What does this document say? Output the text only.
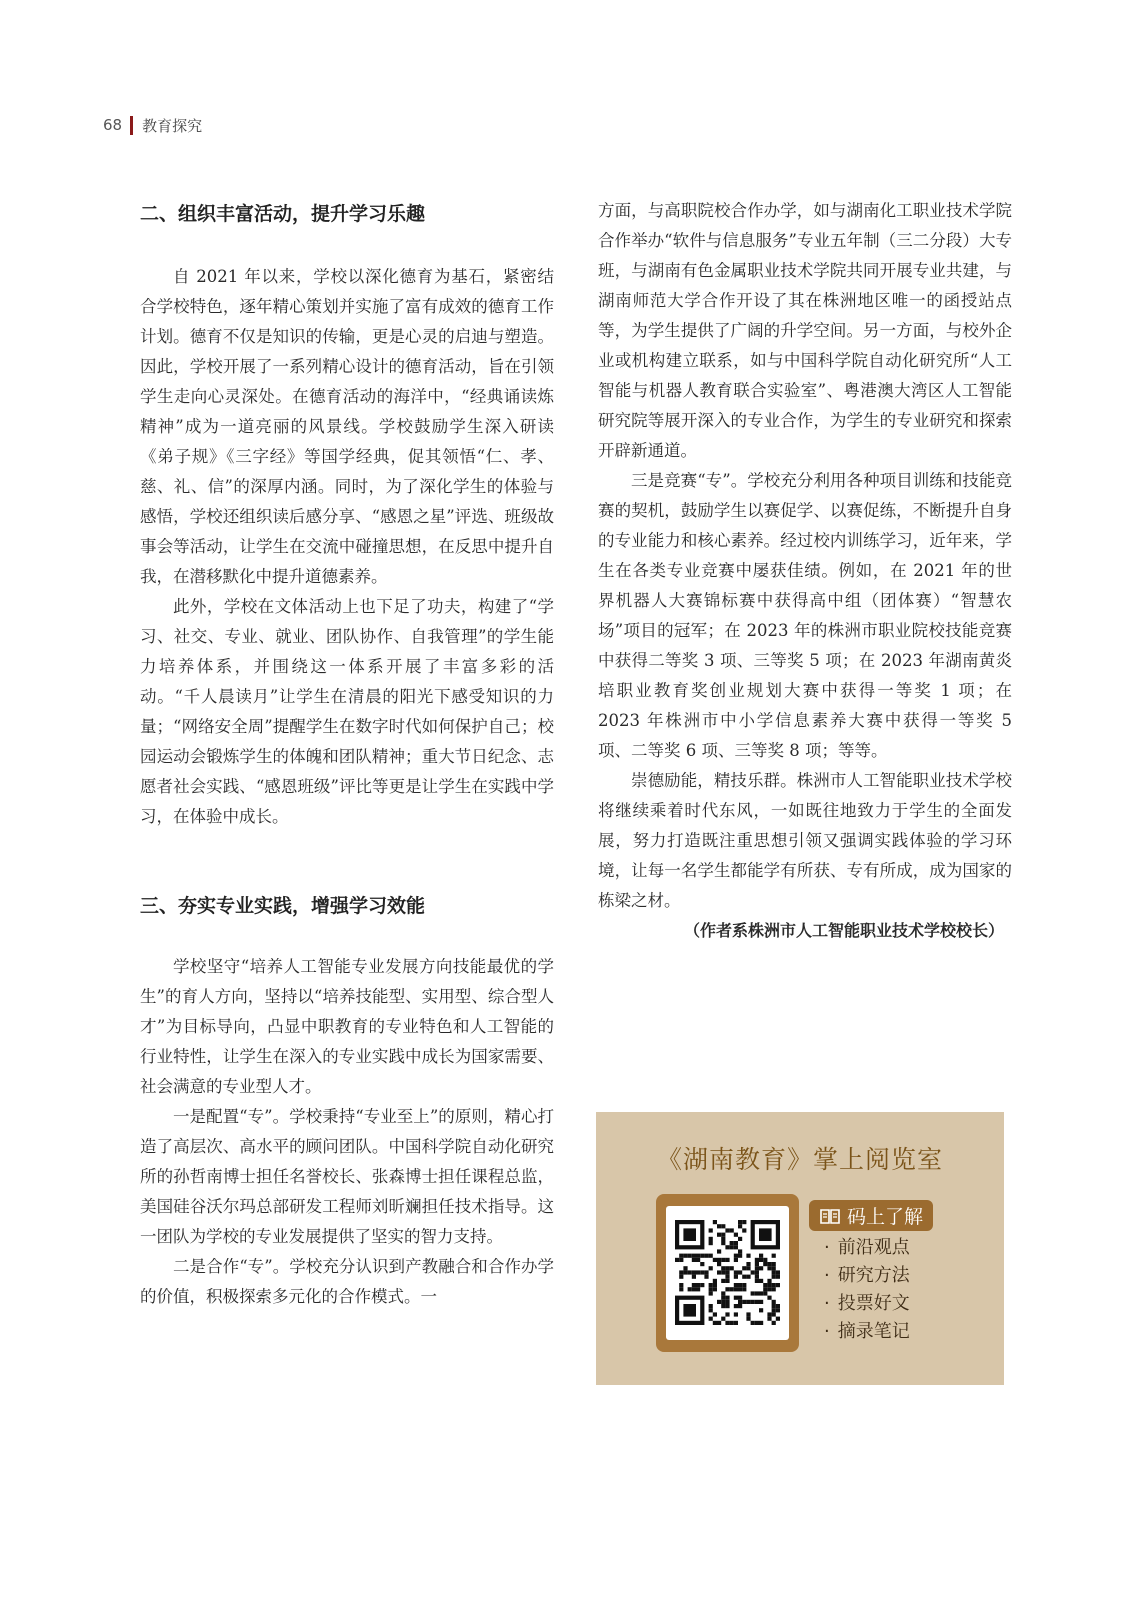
68 教育探究
二、组织丰富活动，提升学习乐趣

自 2021 年以来，学校以深化德育为基石，紧密结合学校特色，逐年精心策划并实施了富有成效的德育工作计划。德育不仅是知识的传输，更是心灵的启迪与塑造。因此，学校开展了一系列精心设计的德育活动，旨在引领学生走向心灵深处。在德育活动的海洋中，“经典诵读炼精神”成为一道亮丽的风景线。学校鼓励学生深入研读《弟子规》《三字经》等国学经典，促其领悟“仁、孝、慈、礼、信”的深厚内涵。同时，为了深化学生的体验与感悟，学校还组织读后感分享、“感恩之星”评选、班级故事会等活动，让学生在交流中碰撞思想，在反思中提升自我，在潜移默化中提升道德素养。

此外，学校在文体活动上也下足了功夫，构建了“学习、社交、专业、就业、团队协作、自我管理”的学生能力培养体系，并围绕这一体系开展了丰富多彩的活动。“千人晨读月”让学生在清晨的阳光下感受知识的力量；“网络安全周”提醒学生在数字时代如何保护自己；校园运动会锻炼学生的体魄和团队精神；重大节日纪念、志愿者社会实践、“感恩班级”评比等更是让学生在实践中学习，在体验中成长。

三、夯实专业实践，增强学习效能

学校坚守“培养人工智能专业发展方向技能最优的学生”的育人方向，坚持以“培养技能型、实用型、综合型人才”为目标导向，凸显中职教育的专业特色和人工智能的行业特性，让学生在深入的专业实践中成长为国家需要、社会满意的专业型人才。

一是配置“专”。学校秉持“专业至上”的原则，精心打造了高层次、高水平的顾问团队。中国科学院自动化研究所的孙哲南博士担任名誉校长、张森博士担任课程总监，美国硅谷沃尔玛总部研发工程师刘昕斓担任技术指导。这一团队为学校的专业发展提供了坚实的智力支持。

二是合作“专”。学校充分认识到产教融合和合作办学的价值，积极探索多元化的合作模式。一

方面，与高职院校合作办学，如与湖南化工职业技术学院合作举办“软件与信息服务”专业五年制（三二分段）大专班，与湖南有色金属职业技术学院共同开展专业共建，与湖南师范大学合作开设了其在株洲地区唯一的函授站点等，为学生提供了广阔的升学空间。另一方面，与校外企业或机构建立联系，如与中国科学院自动化研究所“人工智能与机器人教育联合实验室”、粤港澳大湾区人工智能研究院等展开深入的专业合作，为学生的专业研究和探索开辟新通道。

三是竞赛“专”。学校充分利用各种项目训练和技能竞赛的契机，鼓励学生以赛促学、以赛促练，不断提升自身的专业能力和核心素养。经过校内训练学习，近年来，学生在各类专业竞赛中屡获佳绩。例如，在 2021 年的世界机器人大赛锦标赛中获得高中组（团体赛）“智慧农场”项目的冠军；在 2023 年的株洲市职业院校技能竞赛中获得二等奖 3 项、三等奖 5 项；在 2023 年湖南黄炎培职业教育奖创业规划大赛中获得一等奖 1 项；在 2023 年株洲市中小学信息素养大赛中获得一等奖 5 项、二等奖 6 项、三等奖 8 项；等等。

崇德励能，精技乐群。株洲市人工智能职业技术学校将继续乘着时代东风，一如既往地致力于学生的全面发展，努力打造既注重思想引领又强调实践体验的学习环境，让每一名学生都能学有所获、专有所成，成为国家的栋梁之材。

（作者系株洲市人工智能职业技术学校校长）
《湖南教育》掌上阅览室
码上了解
· 前沿观点
· 研究方法
· 投票好文
· 摘录笔记
